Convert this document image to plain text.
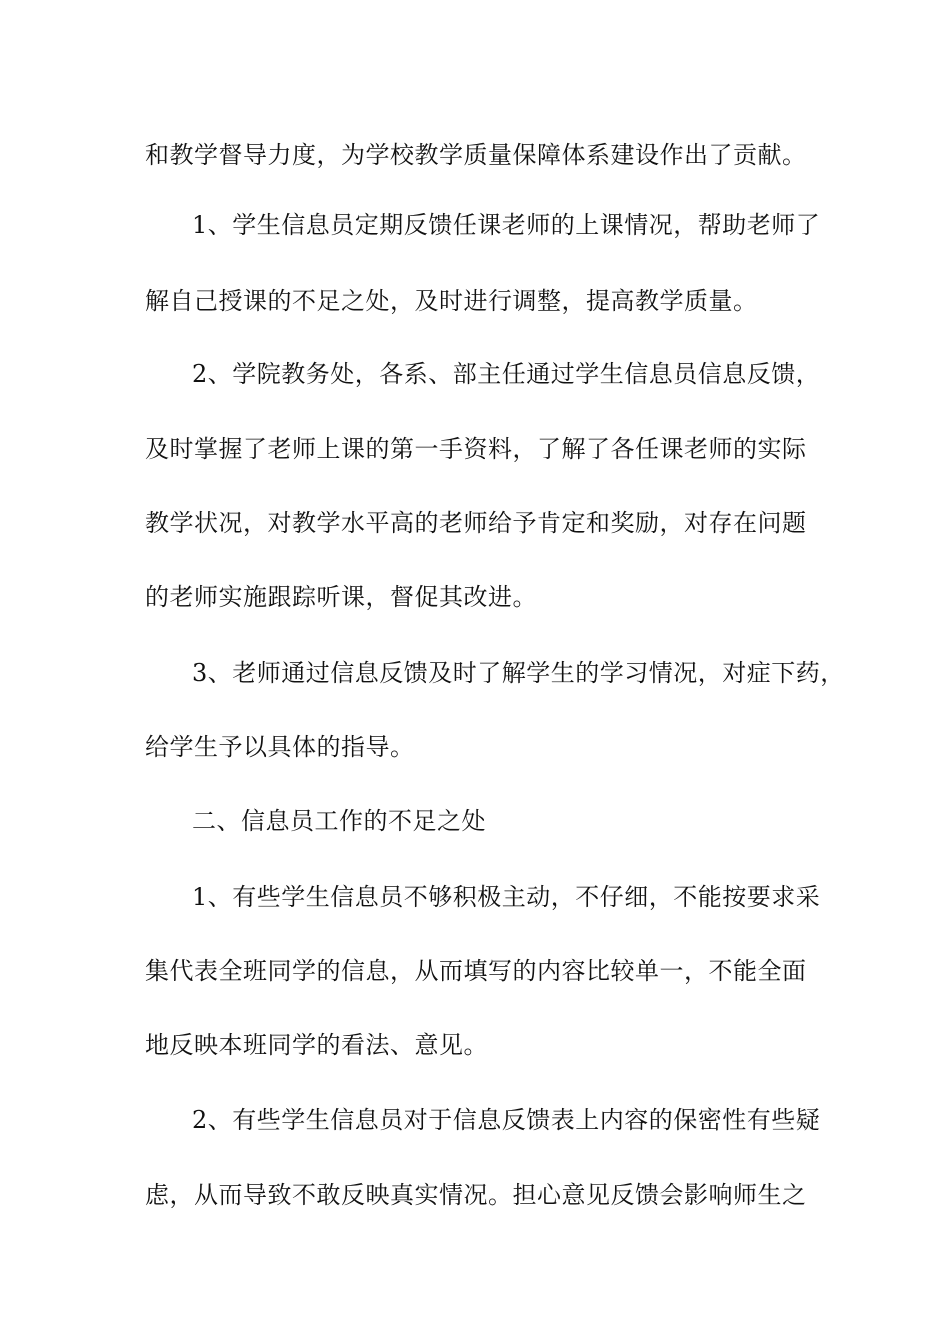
和教学督导力度，为学校教学质量保障体系建设作出了贡献。
1、学生信息员定期反馈任课老师的上课情况，帮助老师了
解自己授课的不足之处，及时进行调整，提高教学质量。
2、学院教务处，各系、部主任通过学生信息员信息反馈，
及时掌握了老师上课的第一手资料，了解了各任课老师的实际
教学状况，对教学水平高的老师给予肯定和奖励，对存在问题
的老师实施跟踪听课，督促其改进。
3、老师通过信息反馈及时了解学生的学习情况，对症下药，
给学生予以具体的指导。
二、信息员工作的不足之处
1、有些学生信息员不够积极主动，不仔细，不能按要求采
集代表全班同学的信息，从而填写的内容比较单一，不能全面
地反映本班同学的看法、意见。
2、有些学生信息员对于信息反馈表上内容的保密性有些疑
虑，从而导致不敢反映真实情况。担心意见反馈会影响师生之
